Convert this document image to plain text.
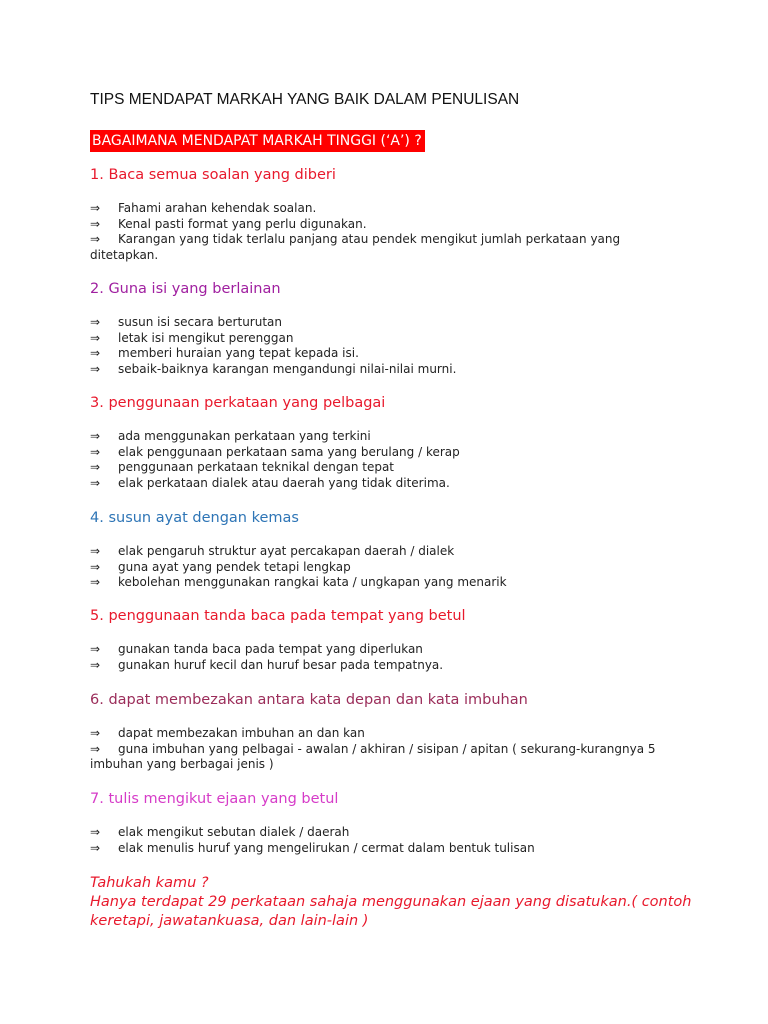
TIPS MENDAPAT MARKAH YANG BAIK DALAM PENULISAN
BAGAIMANA MENDAPAT MARKAH TINGGI (‘A’) ?

1. Baca semua soalan yang diberi

⇒	Fahami arahan kehendak soalan.
⇒	Kenal pasti format yang perlu digunakan.
⇒	Karangan yang tidak terlalu panjang atau pendek mengikut jumlah perkataan yang ditetapkan.

2. Guna isi yang berlainan

⇒	susun isi secara berturutan
⇒	letak isi mengikut perenggan
⇒	memberi huraian yang tepat kepada isi.
⇒	sebaik-baiknya karangan mengandungi nilai-nilai murni.

3. penggunaan perkataan yang pelbagai

⇒	ada menggunakan perkataan yang terkini
⇒	elak penggunaan perkataan sama yang berulang / kerap
⇒	penggunaan perkataan teknikal dengan tepat
⇒	elak perkataan dialek atau daerah yang tidak diterima.

4. susun ayat dengan kemas

⇒	elak pengaruh struktur ayat percakapan daerah / dialek
⇒	guna ayat yang pendek tetapi lengkap
⇒	kebolehan menggunakan rangkai kata / ungkapan yang menarik

5. penggunaan tanda baca pada tempat yang betul

⇒	gunakan tanda baca pada tempat yang diperlukan
⇒	gunakan huruf kecil dan huruf besar pada tempatnya.

6. dapat membezakan antara kata depan dan kata imbuhan

⇒	dapat membezakan imbuhan an dan kan
⇒	guna imbuhan yang pelbagai - awalan / akhiran / sisipan / apitan ( sekurang-kurangnya 5 imbuhan yang berbagai jenis )

7. tulis mengikut ejaan yang betul

⇒	elak mengikut sebutan dialek / daerah
⇒	elak menulis huruf yang mengelirukan / cermat dalam bentuk tulisan
Tahukah kamu ?
Hanya terdapat 29 perkataan sahaja menggunakan ejaan yang disatukan.( contoh keretapi, jawatankuasa, dan lain-lain )
